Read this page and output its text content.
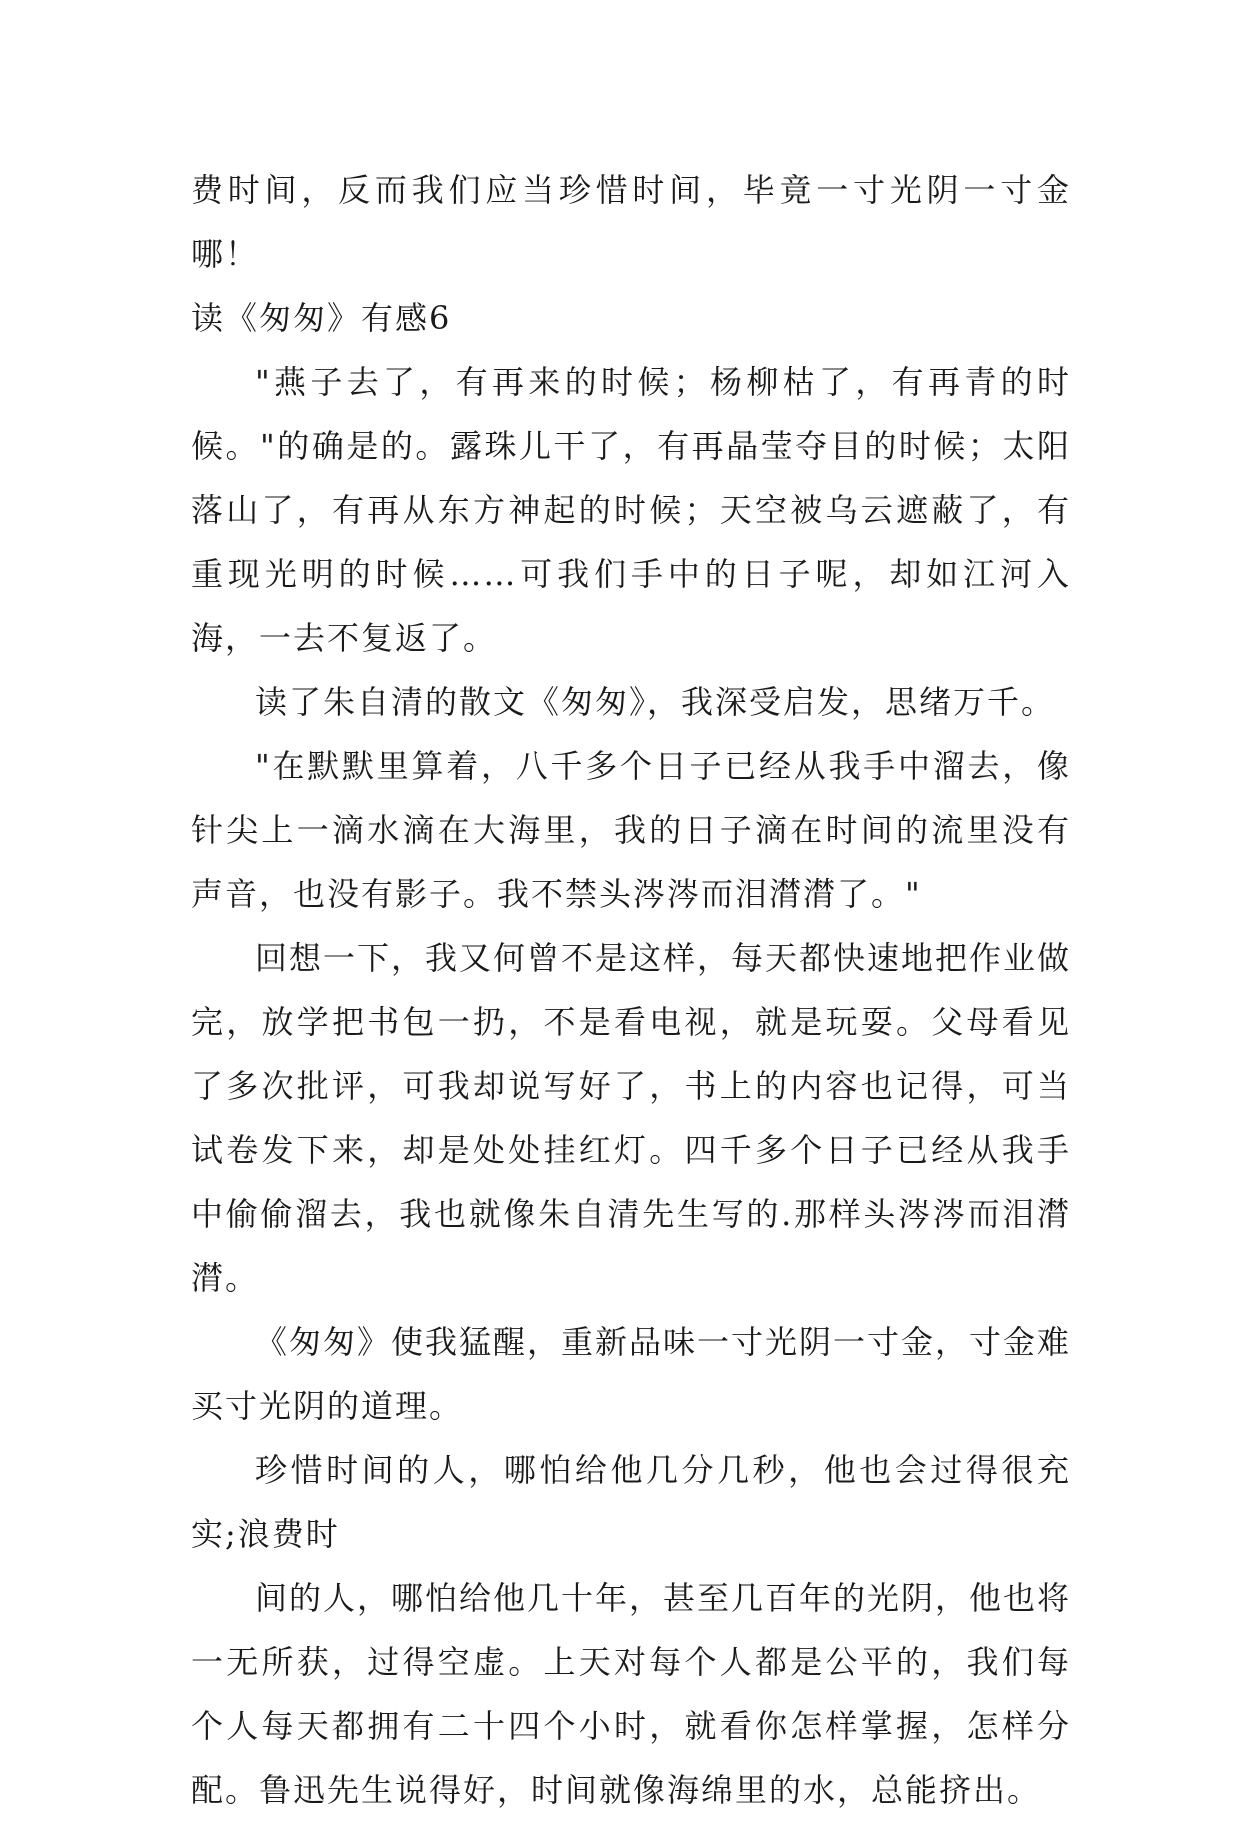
费时间，反而我们应当珍惜时间，毕竟一寸光阴一寸金哪！

读《匆匆》有感6

"燕子去了，有再来的时候；杨柳枯了，有再青的时候。"的确是的。露珠儿干了，有再晶莹夺目的时候；太阳落山了，有再从东方神起的时候；天空被乌云遮蔽了，有重现光明的时候……可我们手中的日子呢，却如江河入海，一去不复返了。

读了朱自清的散文《匆匆》，我深受启发，思绪万千。

"在默默里算着，八千多个日子已经从我手中溜去，像针尖上一滴水滴在大海里，我的日子滴在时间的流里没有声音，也没有影子。我不禁头涔涔而泪潸潸了。"

回想一下，我又何曾不是这样，每天都快速地把作业做完，放学把书包一扔，不是看电视，就是玩耍。父母看见了多次批评，可我却说写好了，书上的内容也记得，可当试卷发下来，却是处处挂红灯。四千多个日子已经从我手中偷偷溜去，我也就像朱自清先生写的.那样头涔涔而泪潸潸。

《匆匆》使我猛醒，重新品味一寸光阴一寸金，寸金难买寸光阴的道理。

珍惜时间的人，哪怕给他几分几秒，他也会过得很充实;浪费时

间的人，哪怕给他几十年，甚至几百年的光阴，他也将一无所获，过得空虚。上天对每个人都是公平的，我们每个人每天都拥有二十四个小时，就看你怎样掌握，怎样分配。鲁迅先生说得好，时间就像海绵里的水，总能挤出。
